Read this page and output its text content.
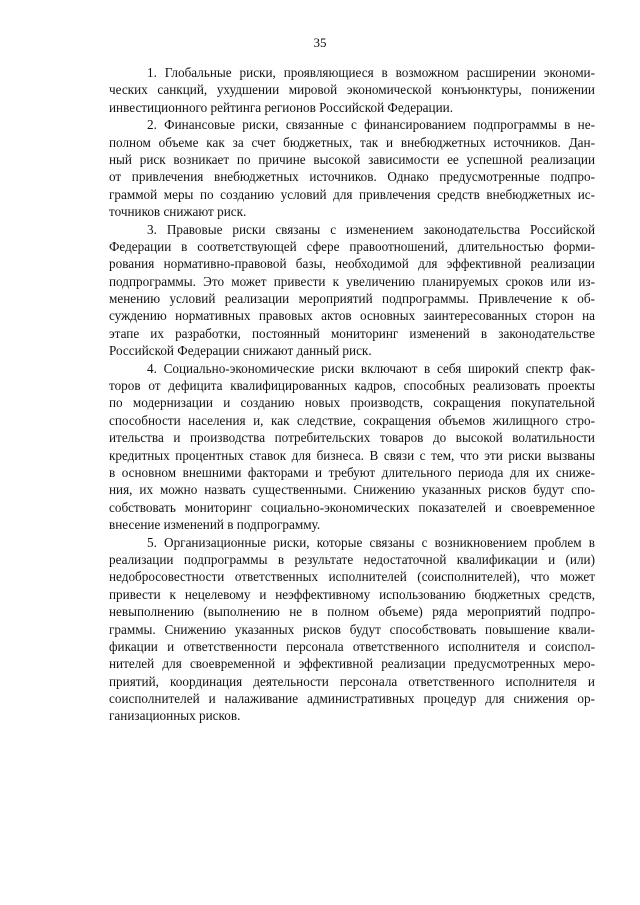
35
1. Глобальные риски, проявляющиеся в возможном расширении экономи-
ческих санкций, ухудшении мировой экономической конъюнктуры, понижении
инвестиционного рейтинга регионов Российской Федерации.
2. Финансовые риски, связанные с финансированием подпрограммы в не-
полном объеме как за счет бюджетных, так и внебюджетных источников. Дан-
ный риск возникает по причине высокой зависимости ее успешной реализации
от привлечения внебюджетных источников. Однако предусмотренные подпро-
граммой меры по созданию условий для привлечения средств внебюджетных ис-
точников снижают риск.
3. Правовые риски связаны с изменением законодательства Российской
Федерации в соответствующей сфере правоотношений, длительностью форми-
рования нормативно-правовой базы, необходимой для эффективной реализации
подпрограммы. Это может привести к увеличению планируемых сроков или из-
менению условий реализации мероприятий подпрограммы. Привлечение к об-
суждению нормативных правовых актов основных заинтересованных сторон на
этапе их разработки, постоянный мониторинг изменений в законодательстве
Российской Федерации снижают данный риск.
4. Социально-экономические риски включают в себя широкий спектр фак-
торов от дефицита квалифицированных кадров, способных реализовать проекты
по модернизации и созданию новых производств, сокращения покупательной
способности населения и, как следствие, сокращения объемов жилищного стро-
ительства и производства потребительских товаров до высокой волатильности
кредитных процентных ставок для бизнеса. В связи с тем, что эти риски вызваны
в основном внешними факторами и требуют длительного периода для их сниже-
ния, их можно назвать существенными. Снижению указанных рисков будут спо-
собствовать мониторинг социально-экономических показателей и своевременное
внесение изменений в подпрограмму.
5. Организационные риски, которые связаны с возникновением проблем в
реализации подпрограммы в результате недостаточной квалификации и (или)
недобросовестности ответственных исполнителей (соисполнителей), что может
привести к нецелевому и неэффективному использованию бюджетных средств,
невыполнению (выполнению не в полном объеме) ряда мероприятий подпро-
граммы. Снижению указанных рисков будут способствовать повышение квали-
фикации и ответственности персонала ответственного исполнителя и соиспол-
нителей для своевременной и эффективной реализации предусмотренных меро-
приятий, координация деятельности персонала ответственного исполнителя и
соисполнителей и налаживание административных процедур для снижения ор-
ганизационных рисков.
